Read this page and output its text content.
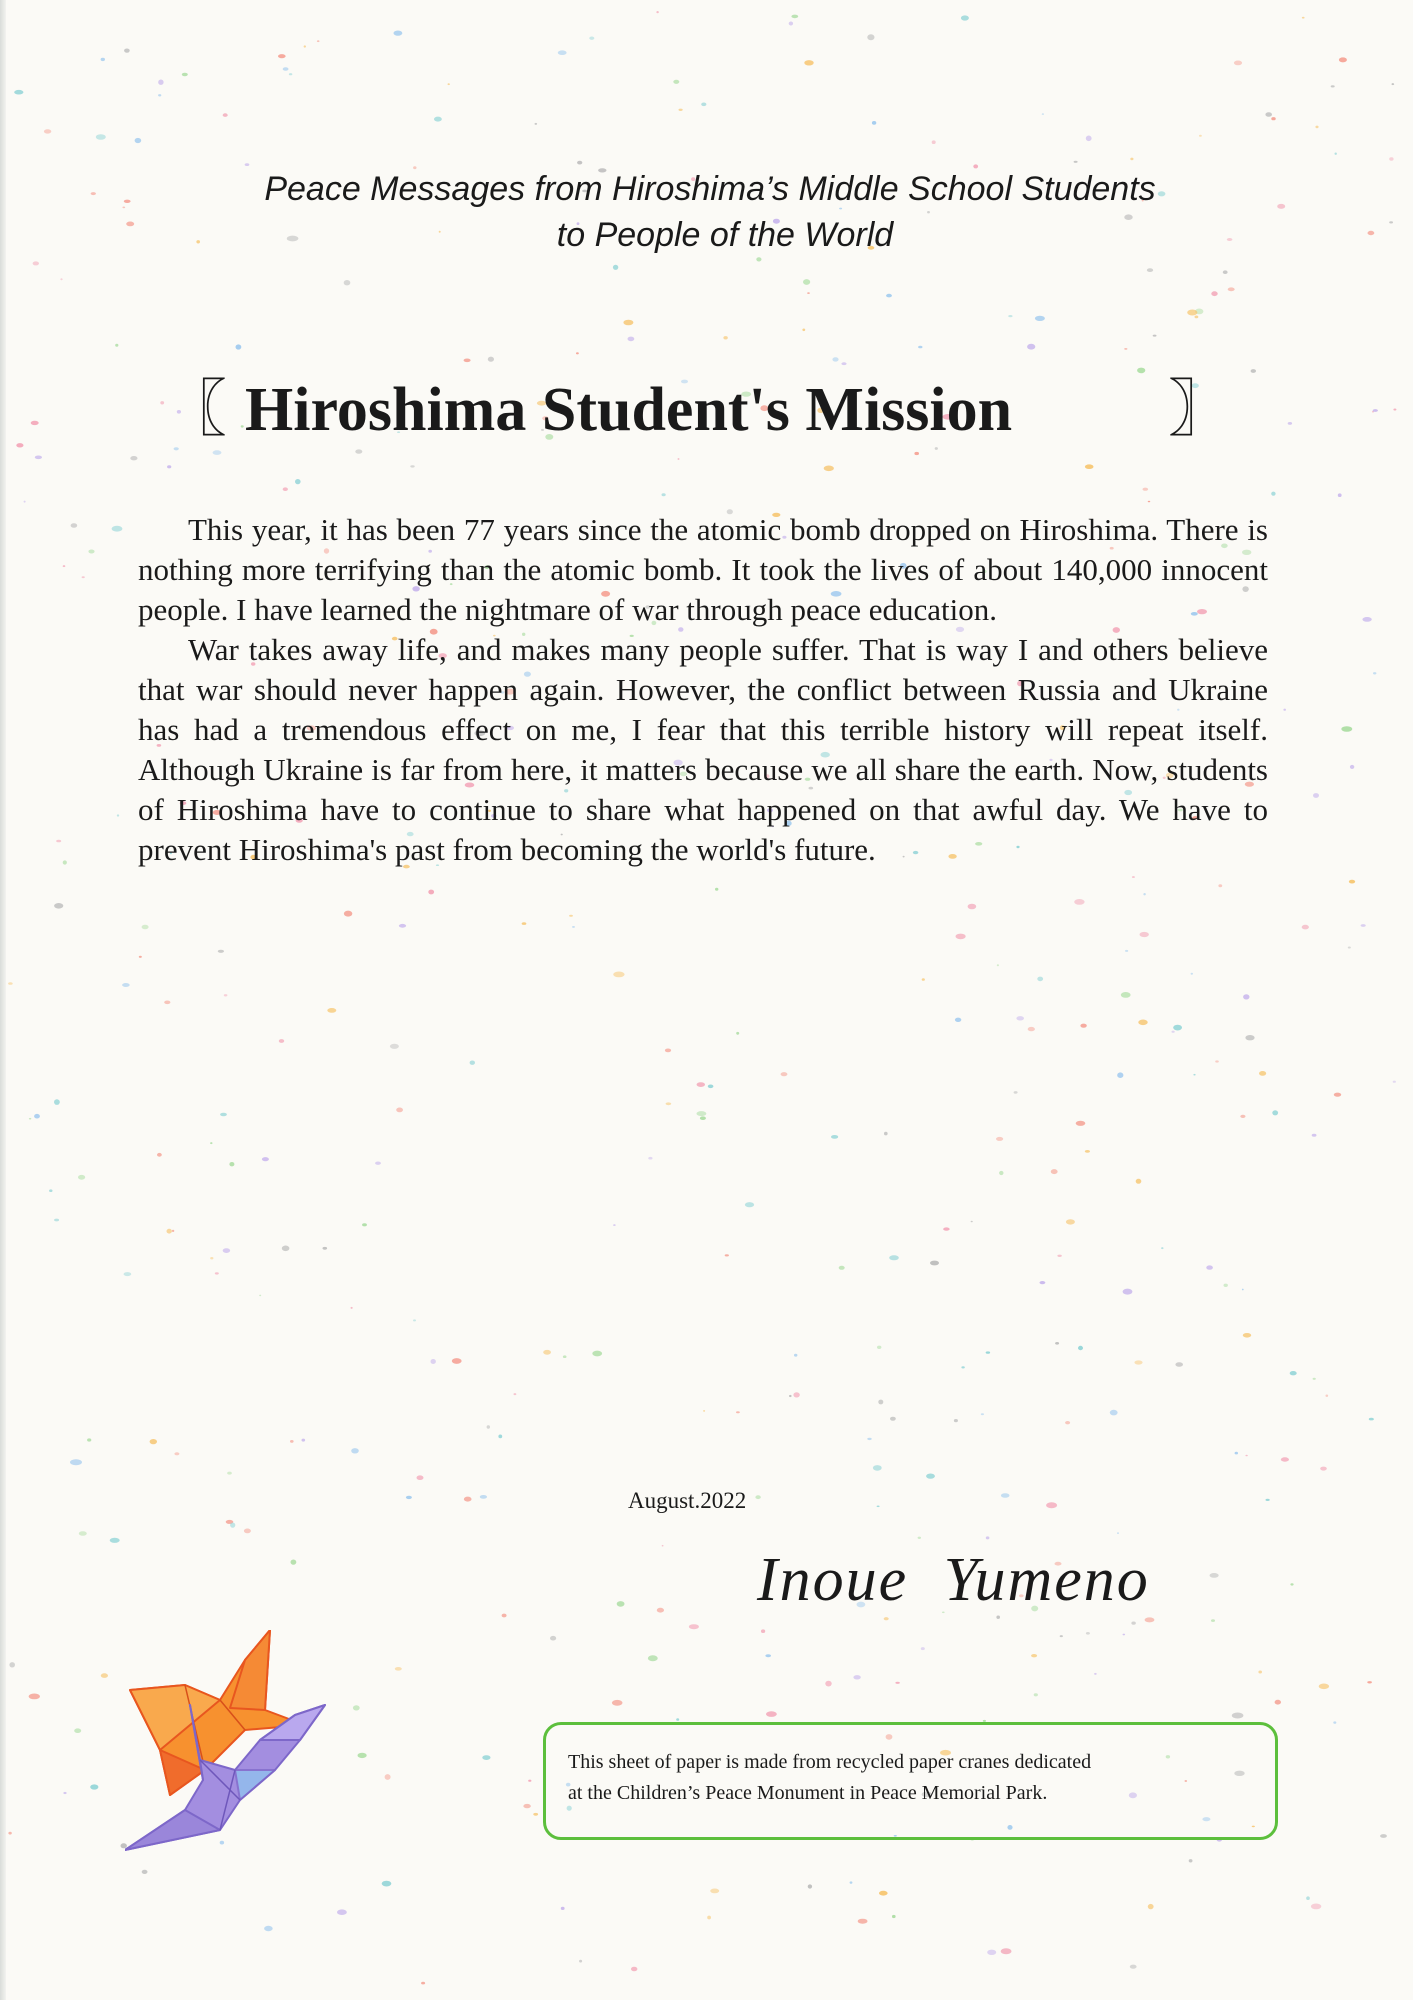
Peace Messages from Hiroshima’s Middle School Students
to People of the World
〖 Hiroshima Student's Mission	〗

This year, it has been 77 years since the atomic bomb dropped on Hiroshima. There is nothing more terrifying than the atomic bomb. It took the lives of about 140,000 innocent people. I have learned the nightmare of war through peace education.

War takes away life, and makes many people suffer. That is way I and others believe that war should never happen again. However, the conflict between Russia and Ukraine has had a tremendous effect on me, I fear that this terrible history will repeat itself. Although Ukraine is far from here, it matters because we all share the earth. Now, students of Hiroshima have to continue to share what happened on that awful day. We have to prevent Hiroshima's past from becoming the world's future.

August.2022
Inoue Yumeno
This sheet of paper is made from recycled paper cranes dedicated
at the Children’s Peace Monument in Peace Memorial Park.
